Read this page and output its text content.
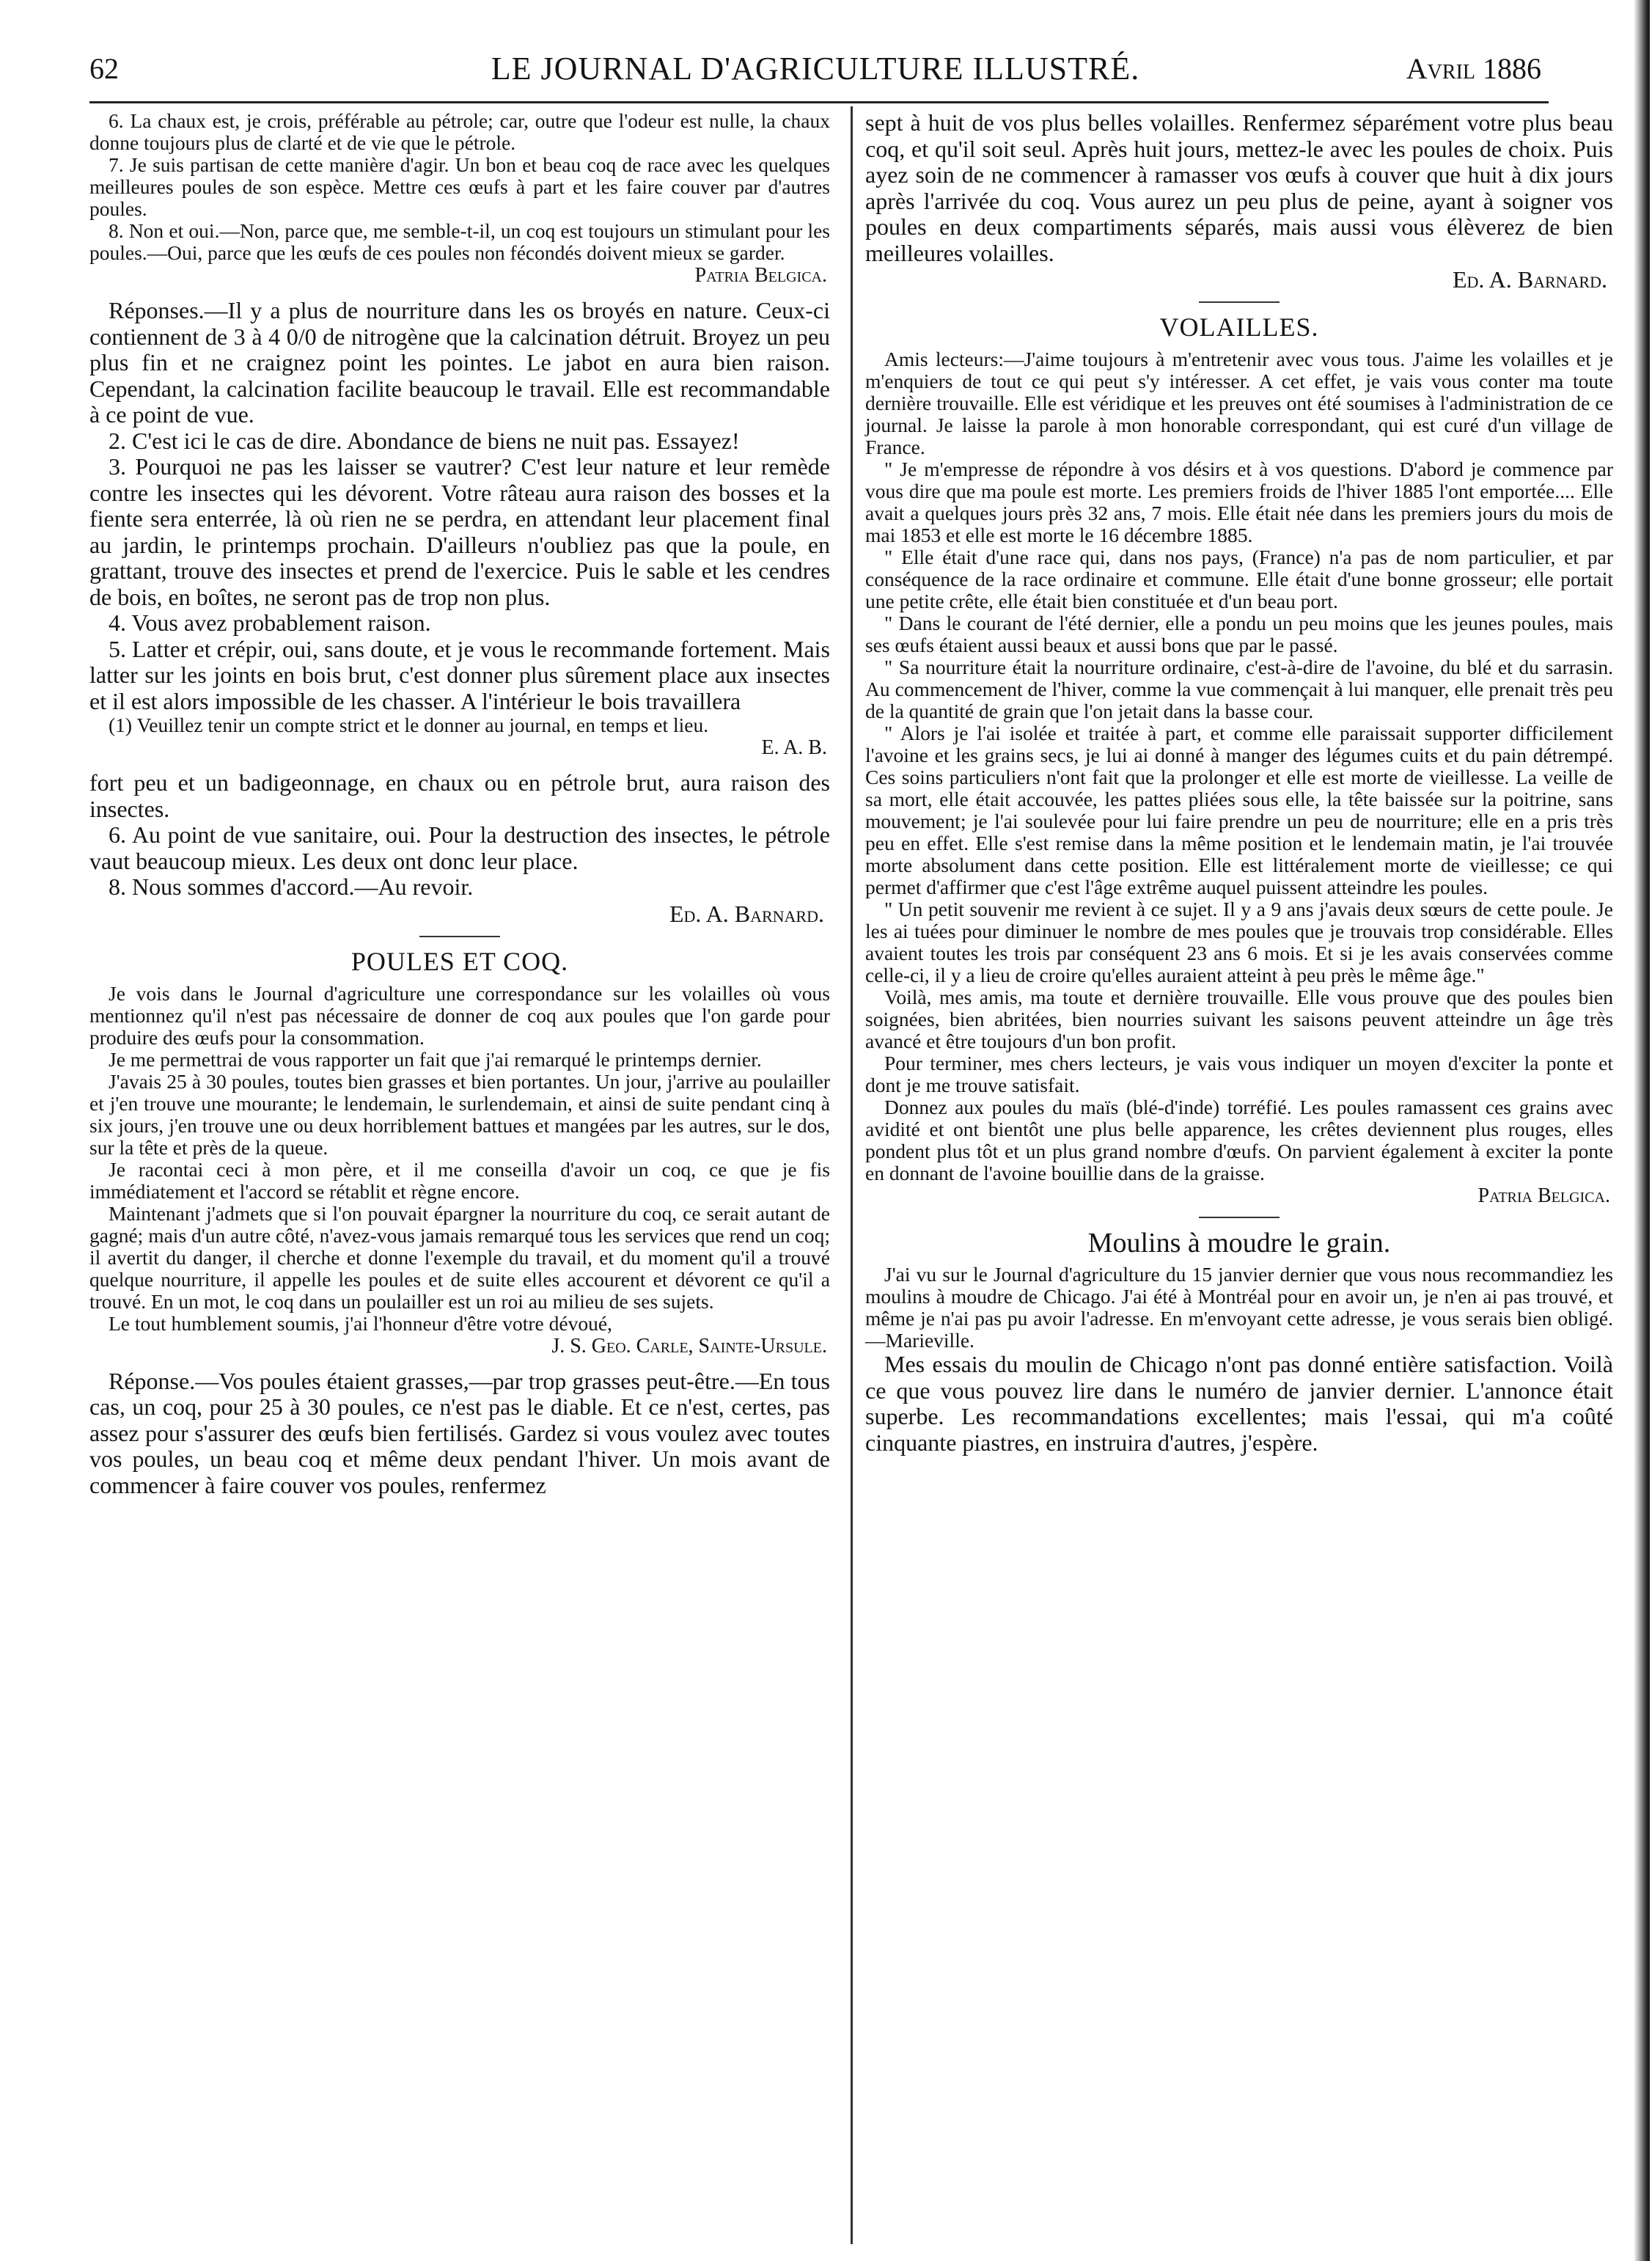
62	LE JOURNAL D'AGRICULTURE ILLUSTRÉ.	Avril 1886

6. La chaux est, je crois, préférable au pétrole; car, outre que l'odeur est nulle, la chaux donne toujours plus de clarté et de vie que le pétrole.

7. Je suis partisan de cette manière d'agir. Un bon et beau coq de race avec les quelques meilleures poules de son espèce. Mettre ces œufs à part et les faire couver par d'autres poules.

8. Non et oui.—Non, parce que, me semble-t-il, un coq est toujours un stimulant pour les poules.—Oui, parce que les œufs de ces poules non fécondés doivent mieux se garder.

Patria Belgica.

Réponses.—Il y a plus de nourriture dans les os broyés en nature. Ceux-ci contiennent de 3 à 4 0/0 de nitrogène que la calcination détruit. Broyez un peu plus fin et ne craignez point les pointes. Le jabot en aura bien raison. Cependant, la calcination facilite beaucoup le travail. Elle est recommandable à ce point de vue.

2. C'est ici le cas de dire. Abondance de biens ne nuit pas. Essayez!

3. Pourquoi ne pas les laisser se vautrer? C'est leur nature et leur remède contre les insectes qui les dévorent. Votre râteau aura raison des bosses et la fiente sera enterrée, là où rien ne se perdra, en attendant leur placement final au jardin, le printemps prochain. D'ailleurs n'oubliez pas que la poule, en grattant, trouve des insectes et prend de l'exercice. Puis le sable et les cendres de bois, en boîtes, ne seront pas de trop non plus.

4. Vous avez probablement raison.

5. Latter et crépir, oui, sans doute, et je vous le recommande fortement. Mais latter sur les joints en bois brut, c'est donner plus sûrement place aux insectes et il est alors impossible de les chasser. A l'intérieur le bois travaillera

(1) Veuillez tenir un compte strict et le donner au journal, en temps et lieu.

E. A. B.

fort peu et un badigeonnage, en chaux ou en pétrole brut, aura raison des insectes.

6. Au point de vue sanitaire, oui. Pour la destruction des insectes, le pétrole vaut beaucoup mieux. Les deux ont donc leur place.

8. Nous sommes d'accord.—Au revoir.

Ed. A. Barnard.

POULES ET COQ.

Je vois dans le Journal d'agriculture une correspondance sur les volailles où vous mentionnez qu'il n'est pas nécessaire de donner de coq aux poules que l'on garde pour produire des œufs pour la consommation.

Je me permettrai de vous rapporter un fait que j'ai remarqué le printemps dernier.

J'avais 25 à 30 poules, toutes bien grasses et bien portantes. Un jour, j'arrive au poulailler et j'en trouve une mourante; le lendemain, le surlendemain, et ainsi de suite pendant cinq à six jours, j'en trouve une ou deux horriblement battues et mangées par les autres, sur le dos, sur la tête et près de la queue.

Je racontai ceci à mon père, et il me conseilla d'avoir un coq, ce que je fis immédiatement et l'accord se rétablit et règne encore.

Maintenant j'admets que si l'on pouvait épargner la nourriture du coq, ce serait autant de gagné; mais d'un autre côté, n'avez-vous jamais remarqué tous les services que rend un coq; il avertit du danger, il cherche et donne l'exemple du travail, et du moment qu'il a trouvé quelque nourriture, il appelle les poules et de suite elles accourent et dévorent ce qu'il a trouvé. En un mot, le coq dans un poulailler est un roi au milieu de ses sujets.

Le tout humblement soumis, j'ai l'honneur d'être votre dévoué,

J. S. Geo. Carle, Sainte-Ursule.

Réponse.—Vos poules étaient grasses,—par trop grasses peut-être.—En tous cas, un coq, pour 25 à 30 poules, ce n'est pas le diable. Et ce n'est, certes, pas assez pour s'assurer des œufs bien fertilisés. Gardez si vous voulez avec toutes vos poules, un beau coq et même deux pendant l'hiver. Un mois avant de commencer à faire couver vos poules, renfermez

sept à huit de vos plus belles volailles. Renfermez séparément votre plus beau coq, et qu'il soit seul. Après huit jours, mettez-le avec les poules de choix. Puis ayez soin de ne commencer à ramasser vos œufs à couver que huit à dix jours après l'arrivée du coq. Vous aurez un peu plus de peine, ayant à soigner vos poules en deux compartiments séparés, mais aussi vous élèverez de bien meilleures volailles.

Ed. A. Barnard.

VOLAILLES.

Amis lecteurs:—J'aime toujours à m'entretenir avec vous tous. J'aime les volailles et je m'enquiers de tout ce qui peut s'y intéresser. A cet effet, je vais vous conter ma toute dernière trouvaille. Elle est véridique et les preuves ont été soumises à l'administration de ce journal. Je laisse la parole à mon honorable correspondant, qui est curé d'un village de France.

" Je m'empresse de répondre à vos désirs et à vos questions. D'abord je commence par vous dire que ma poule est morte. Les premiers froids de l'hiver 1885 l'ont emportée.... Elle avait a quelques jours près 32 ans, 7 mois. Elle était née dans les premiers jours du mois de mai 1853 et elle est morte le 16 décembre 1885.

" Elle était d'une race qui, dans nos pays, (France) n'a pas de nom particulier, et par conséquence de la race ordinaire et commune. Elle était d'une bonne grosseur; elle portait une petite crête, elle était bien constituée et d'un beau port.

" Dans le courant de l'été dernier, elle a pondu un peu moins que les jeunes poules, mais ses œufs étaient aussi beaux et aussi bons que par le passé.

" Sa nourriture était la nourriture ordinaire, c'est-à-dire de l'avoine, du blé et du sarrasin. Au commencement de l'hiver, comme la vue commençait à lui manquer, elle prenait très peu de la quantité de grain que l'on jetait dans la basse cour.

" Alors je l'ai isolée et traitée à part, et comme elle paraissait supporter difficilement l'avoine et les grains secs, je lui ai donné à manger des légumes cuits et du pain détrempé. Ces soins particuliers n'ont fait que la prolonger et elle est morte de vieillesse. La veille de sa mort, elle était accouvée, les pattes pliées sous elle, la tête baissée sur la poitrine, sans mouvement; je l'ai soulevée pour lui faire prendre un peu de nourriture; elle en a pris très peu en effet. Elle s'est remise dans la même position et le lendemain matin, je l'ai trouvée morte absolument dans cette position. Elle est littéralement morte de vieillesse; ce qui permet d'affirmer que c'est l'âge extrême auquel puissent atteindre les poules.

" Un petit souvenir me revient à ce sujet. Il y a 9 ans j'avais deux sœurs de cette poule. Je les ai tuées pour diminuer le nombre de mes poules que je trouvais trop considérable. Elles avaient toutes les trois par conséquent 23 ans 6 mois. Et si je les avais conservées comme celle-ci, il y a lieu de croire qu'elles auraient atteint à peu près le même âge."

Voilà, mes amis, ma toute et dernière trouvaille. Elle vous prouve que des poules bien soignées, bien abritées, bien nourries suivant les saisons peuvent atteindre un âge très avancé et être toujours d'un bon profit.

Pour terminer, mes chers lecteurs, je vais vous indiquer un moyen d'exciter la ponte et dont je me trouve satisfait.

Donnez aux poules du maïs (blé-d'inde) torréfié. Les poules ramassent ces grains avec avidité et ont bientôt une plus belle apparence, les crêtes deviennent plus rouges, elles pondent plus tôt et un plus grand nombre d'œufs. On parvient également à exciter la ponte en donnant de l'avoine bouillie dans de la graisse.

Patria Belgica.

Moulins à moudre le grain.

J'ai vu sur le Journal d'agriculture du 15 janvier dernier que vous nous recommandiez les moulins à moudre de Chicago. J'ai été à Montréal pour en avoir un, je n'en ai pas trouvé, et même je n'ai pas pu avoir l'adresse. En m'envoyant cette adresse, je vous serais bien obligé.—Marieville.

Mes essais du moulin de Chicago n'ont pas donné entière satisfaction. Voilà ce que vous pouvez lire dans le numéro de janvier dernier. L'annonce était superbe. Les recommandations excellentes; mais l'essai, qui m'a coûté cinquante piastres, en instruira d'autres, j'espère.
